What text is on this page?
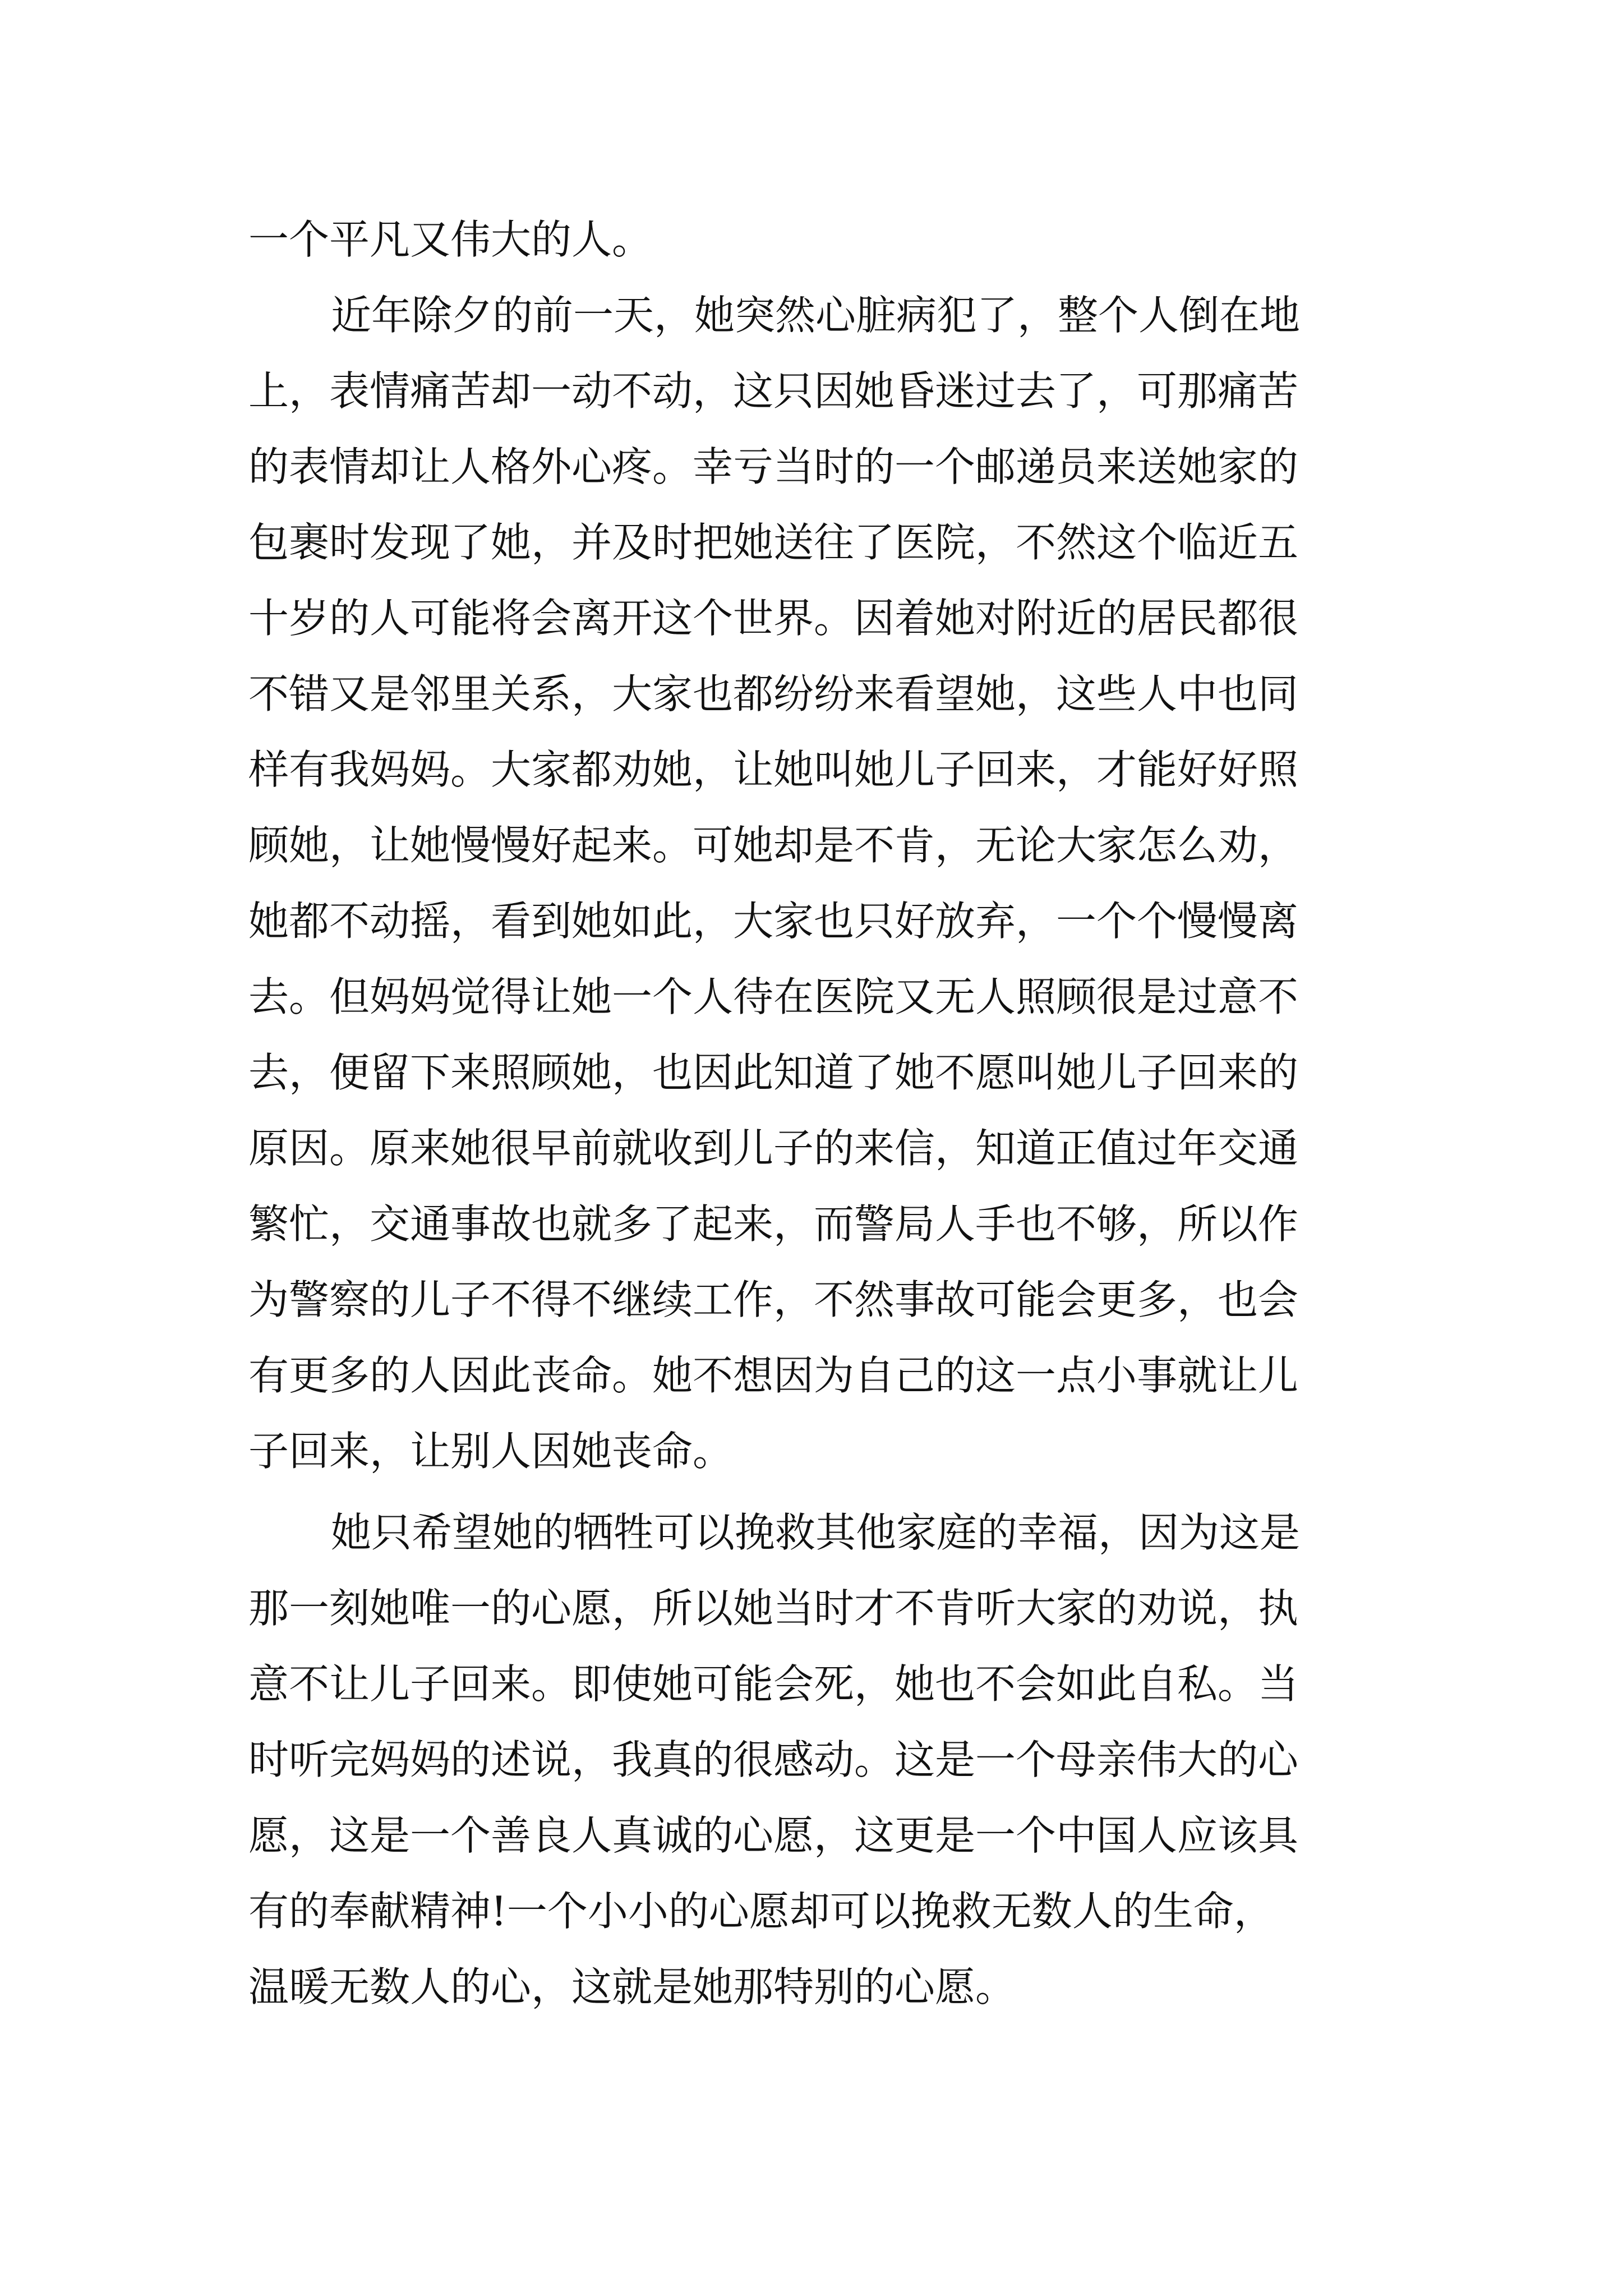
一个平凡又伟大的人。
近年除夕的前一天，她突然心脏病犯了，整个人倒在地
上，表情痛苦却一动不动，这只因她昏迷过去了，可那痛苦
的表情却让人格外心疼。幸亏当时的一个邮递员来送她家的
包裹时发现了她，并及时把她送往了医院，不然这个临近五
十岁的人可能将会离开这个世界。因着她对附近的居民都很
不错又是邻里关系，大家也都纷纷来看望她，这些人中也同
样有我妈妈。大家都劝她，让她叫她儿子回来，才能好好照
顾她，让她慢慢好起来。可她却是不肯，无论大家怎么劝，
她都不动摇，看到她如此，大家也只好放弃，一个个慢慢离
去。但妈妈觉得让她一个人待在医院又无人照顾很是过意不
去，便留下来照顾她，也因此知道了她不愿叫她儿子回来的
原因。原来她很早前就收到儿子的来信，知道正值过年交通
繁忙，交通事故也就多了起来，而警局人手也不够，所以作
为警察的儿子不得不继续工作，不然事故可能会更多，也会
有更多的人因此丧命。她不想因为自己的这一点小事就让儿
子回来，让别人因她丧命。
她只希望她的牺牲可以挽救其他家庭的幸福，因为这是
那一刻她唯一的心愿，所以她当时才不肯听大家的劝说，执
意不让儿子回来。即使她可能会死，她也不会如此自私。当
时听完妈妈的述说，我真的很感动。这是一个母亲伟大的心
愿，这是一个善良人真诚的心愿，这更是一个中国人应该具
有的奉献精神!一个小小的心愿却可以挽救无数人的生命，
温暖无数人的心，这就是她那特别的心愿。
